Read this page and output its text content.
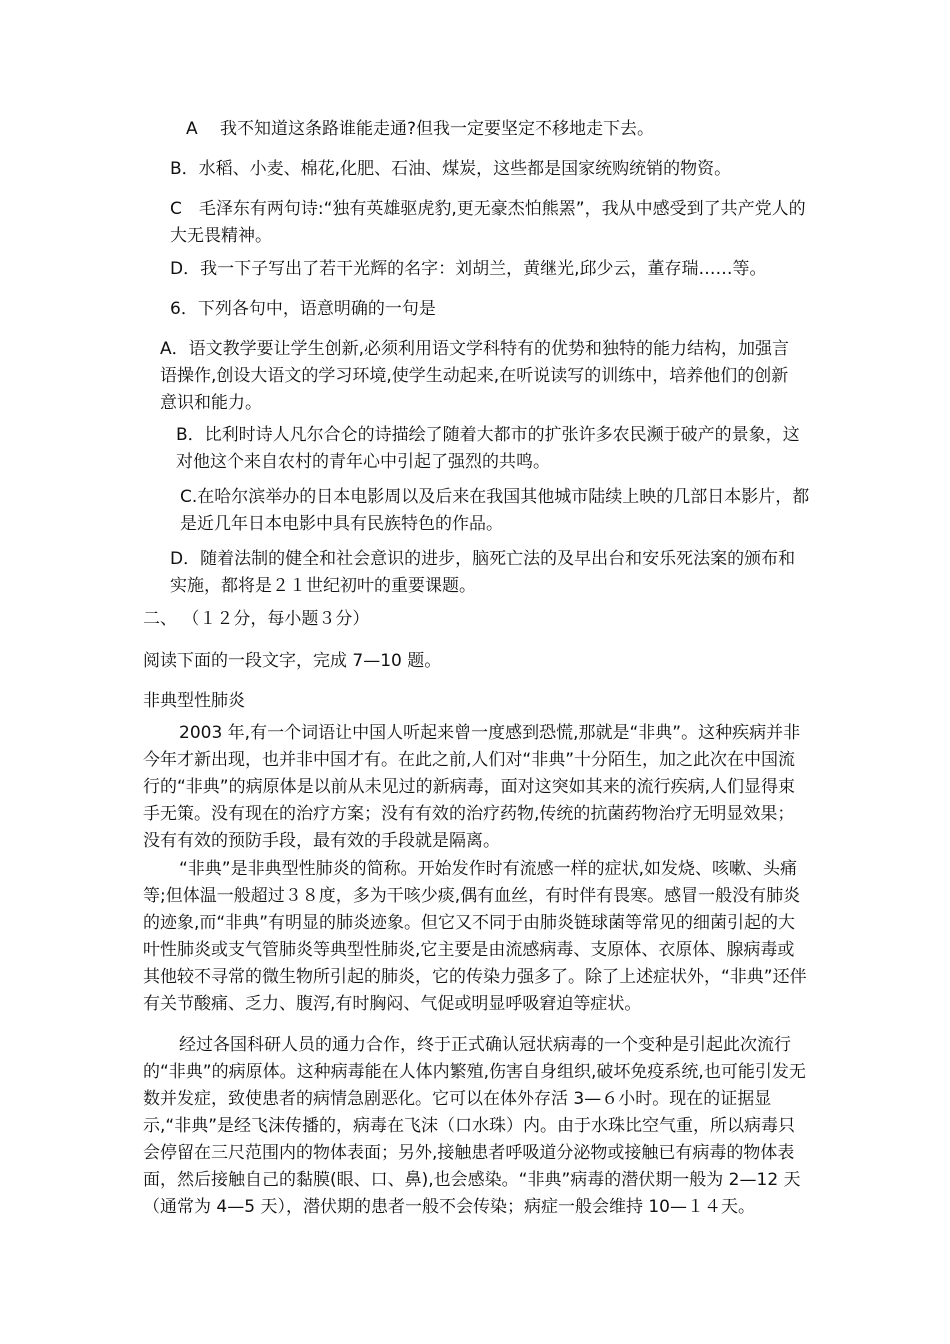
A　 我不知道这条路谁能走通?但我一定要坚定不移地走下去。

B．水稻、小麦、棉花,化肥、石油、煤炭，这些都是国家统购统销的物资。

C　毛泽东有两句诗:“独有英雄驱虎豹,更无豪杰怕熊罴”，我从中感受到了共产党人的大无畏精神。

D．我一下子写出了若干光辉的名字：刘胡兰，黄继光,邱少云，董存瑞……等。

6．下列各句中，语意明确的一句是

A．语文教学要让学生创新,必须利用语文学科特有的优势和独特的能力结构，加强言语操作,创设大语文的学习环境,使学生动起来,在听说读写的训练中，培养他们的创新意识和能力。

B．比利时诗人凡尔合仑的诗描绘了随着大都市的扩张许多农民濒于破产的景象，这对他这个来自农村的青年心中引起了强烈的共鸣。

C.在哈尔滨举办的日本电影周以及后来在我国其他城市陆续上映的几部日本影片，都是近几年日本电影中具有民族特色的作品。

D．随着法制的健全和社会意识的进步，脑死亡法的及早出台和安乐死法案的颁布和实施，都将是２１世纪初叶的重要课题。

二、 （１２分，每小题３分）

阅读下面的一段文字，完成 7—10 题。

非典型性肺炎

2003 年,有一个词语让中国人听起来曾一度感到恐慌,那就是“非典”。这种疾病并非今年才新出现，也并非中国才有。在此之前,人们对“非典”十分陌生，加之此次在中国流行的“非典”的病原体是以前从未见过的新病毒，面对这突如其来的流行疾病,人们显得束手无策。没有现在的治疗方案；没有有效的治疗药物,传统的抗菌药物治疗无明显效果；没有有效的预防手段，最有效的手段就是隔离。

“非典”是非典型性肺炎的简称。开始发作时有流感一样的症状,如发烧、咳嗽、头痛等;但体温一般超过３８度，多为干咳少痰,偶有血丝，有时伴有畏寒。感冒一般没有肺炎的迹象,而“非典”有明显的肺炎迹象。但它又不同于由肺炎链球菌等常见的细菌引起的大叶性肺炎或支气管肺炎等典型性肺炎,它主要是由流感病毒、支原体、衣原体、腺病毒或其他较不寻常的微生物所引起的肺炎，它的传染力强多了。除了上述症状外，“非典”还伴有关节酸痛、乏力、腹泻,有时胸闷、气促或明显呼吸窘迫等症状。

经过各国科研人员的通力合作，终于正式确认冠状病毒的一个变种是引起此次流行的“非典”的病原体。这种病毒能在人体内繁殖,伤害自身组织,破坏免疫系统,也可能引发无数并发症，致使患者的病情急剧恶化。它可以在体外存活 3—６小时。现在的证据显示,“非典”是经飞沫传播的，病毒在飞沫（口水珠）内。由于水珠比空气重，所以病毒只会停留在三尺范围内的物体表面；另外,接触患者呼吸道分泌物或接触已有病毒的物体表面，然后接触自己的黏膜(眼、口、鼻),也会感染。“非典”病毒的潜伏期一般为 2—12 天（通常为 4—5 天），潜伏期的患者一般不会传染；病症一般会维持 10—１４天。
